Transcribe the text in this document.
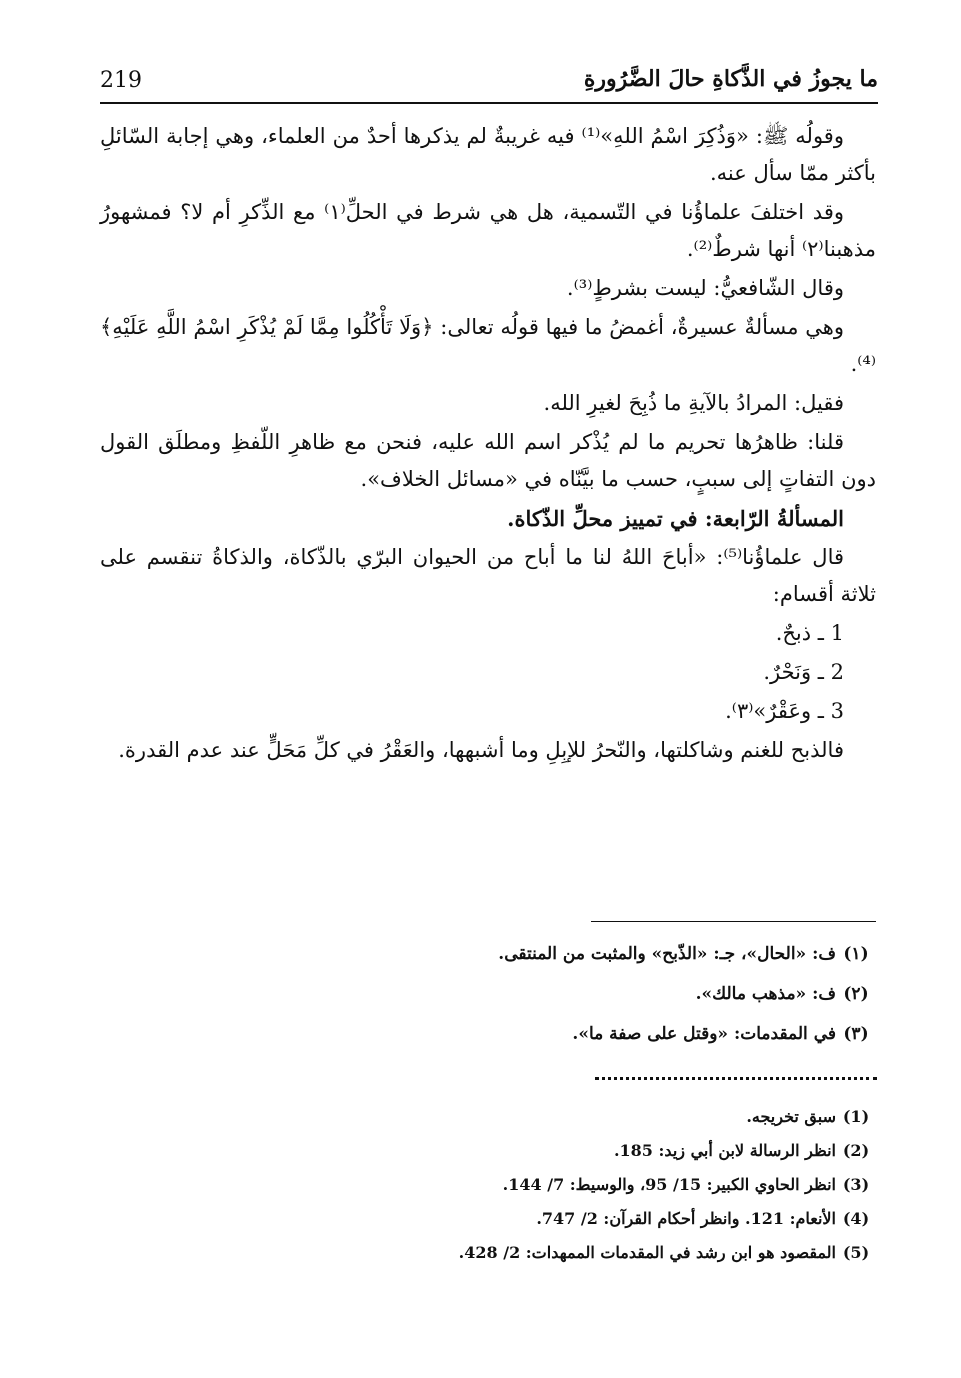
219	ما يجوزُ في الذَّكاةِ حالَ الضَّرُورةِ

وقولُه ﷺ: «وَذُكِرَ اسْمُ اللهِ»⁽¹⁾ فيه غريبةٌ لم يذكرها أحدٌ من العلماء، وهي إجابة السّائلِ بأكثر ممّا سأل عنه.

وقد اختلفَ علماؤُنا في التّسمية، هل هي شرط في الحلِّ⁽١⁾ مع الذِّكرِ أم لا؟ فمشهورُ مذهبنا⁽٢⁾ أنها شرطٌ⁽²⁾.

وقال الشّافعيُّ: ليست بشرطٍ⁽³⁾.

وهي مسألةٌ عسيرةٌ، أغمضُ ما فيها قولُه تعالى: ﴿وَلَا تَأْكُلُوا مِمَّا لَمْ يُذْكَرِ اسْمُ اللَّهِ عَلَيْهِ﴾⁽⁴⁾.

فقيل: المرادُ بالآيةِ ما ذُبِحَ لغيرِ الله.

قلنا: ظاهرُها تحريم ما لم يُذْكر اسم الله عليه، فنحن مع ظاهرِ اللّفظِ ومطلَق القول دون التفاتٍ إلى سببٍ، حسب ما بيَّنّاه في «مسائل الخلاف».

المسألةُ الرّابعة: في تمييز محلِّ الذّكاة.

قال علماؤُنا⁽⁵⁾: «أباحَ اللهُ لنا ما أباح من الحيوان البرّي بالذّكاة، والذكاةُ تنقسم على ثلاثة أقسام:

1 ـ ذبحٌ.

2 ـ وَنَحْرٌ.

3 ـ وعَقْرٌ»⁽٣⁾.

فالذبح للغنم وشاكلتها، والنّحرُ للإبِلِ وما أشبهها، والعَقْرُ في كلِّ مَحَلٍّ عند عدم القدرة.

(١)
ف: «الحال»، جـ: «الذّبح» والمثبت من المنتقى.
(٢)
ف: «مذهب مالك».
(٣)
في المقدمات: «وقتل على صفة ما».
(1)
سبق تخريجه.
(2)
انظر الرسالة لابن أبي زيد: 185.
(3)
انظر الحاوي الكبير: 15/ 95، والوسيط: 7/ 144.
(4)
الأنعام: 121. وانظر أحكام القرآن: 2/ 747.
(5)
المقصود هو ابن رشد في المقدمات الممهدات: 2/ 428.
